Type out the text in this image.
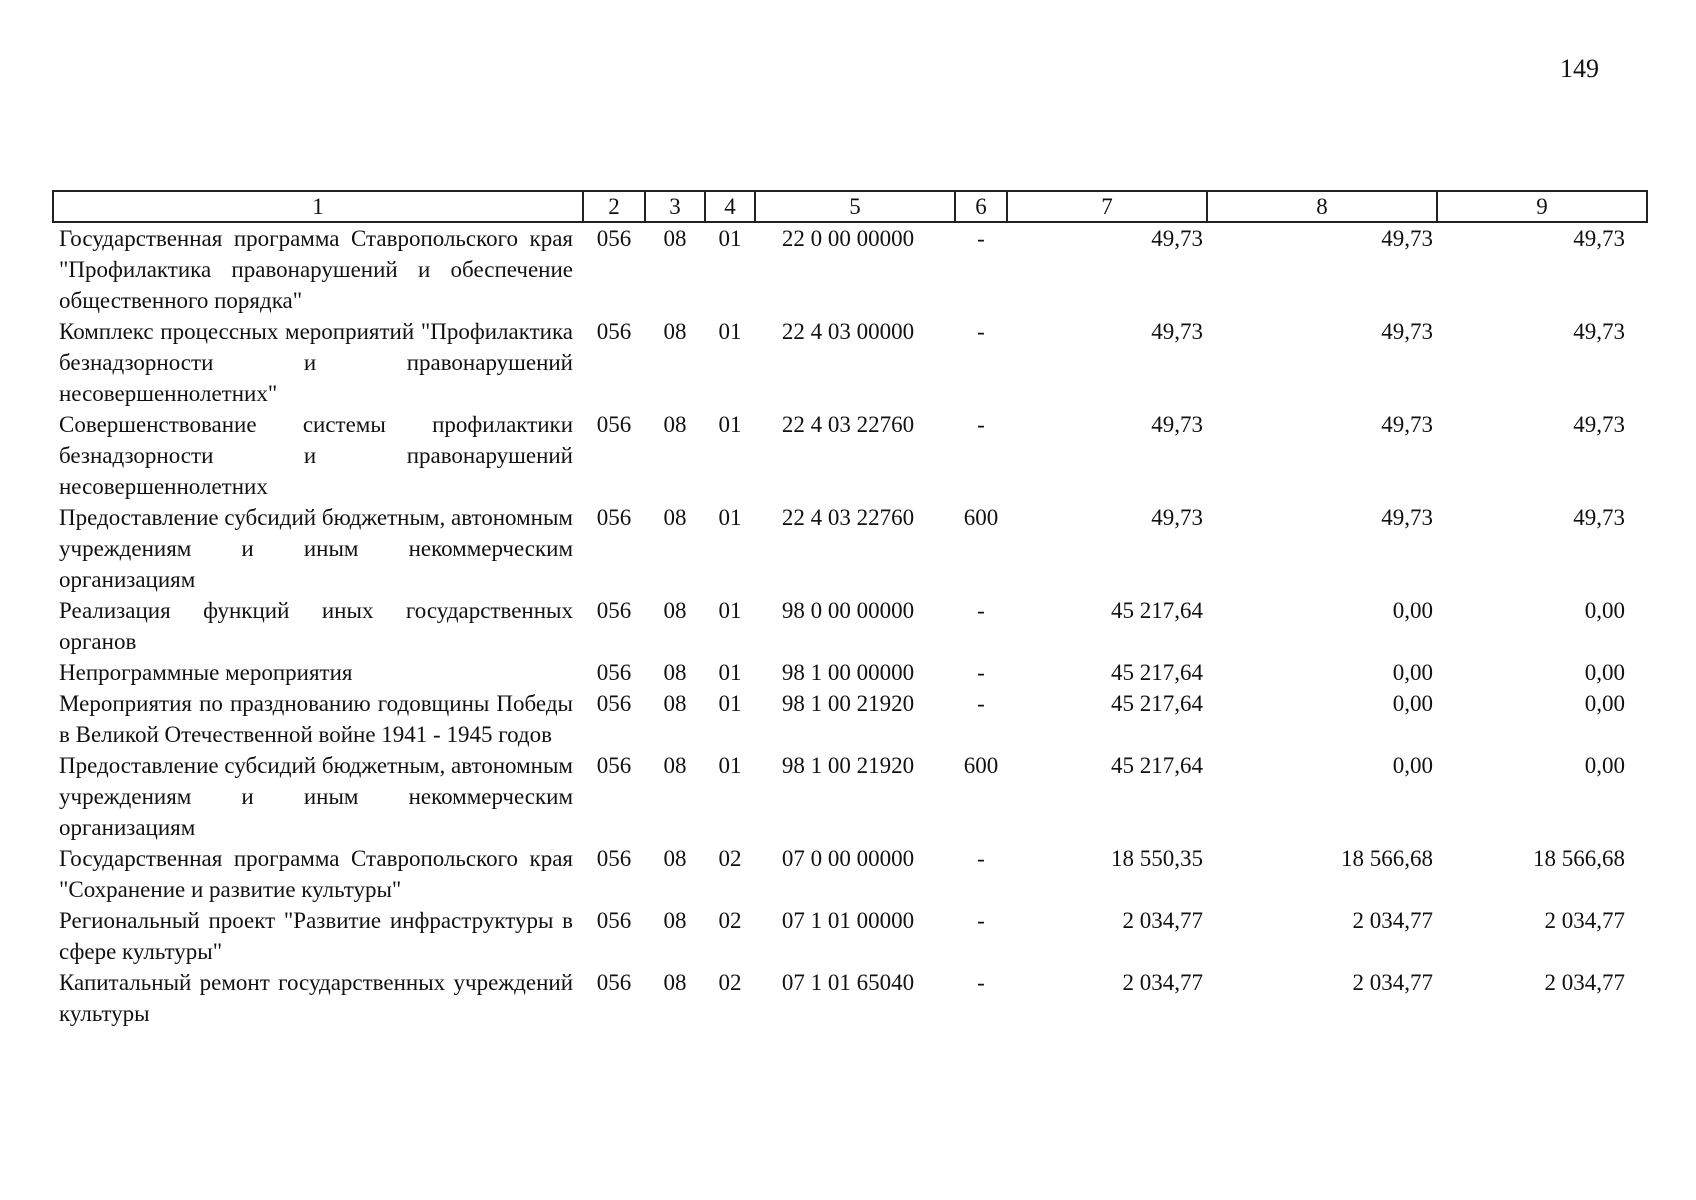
149
1	2	3	4	5	6	7	8	9
Государственная программа Ставропольского края "Профилактика правонарушений и обеспечение общественного порядка"	056	08	01	22 0 00 00000	-	49,73	49,73	49,73
Комплекс процессных мероприятий "Профилактика безнадзорности и правонарушений несовершеннолетних"	056	08	01	22 4 03 00000	-	49,73	49,73	49,73
Совершенствование системы профилактики безнадзорности и правонарушений несовершеннолетних	056	08	01	22 4 03 22760	-	49,73	49,73	49,73
Предоставление субсидий бюджетным, автономным учреждениям и иным некоммерческим организациям	056	08	01	22 4 03 22760	600	49,73	49,73	49,73
Реализация функций иных государственных органов	056	08	01	98 0 00 00000	-	45 217,64	0,00	0,00
Непрограммные мероприятия	056	08	01	98 1 00 00000	-	45 217,64	0,00	0,00
Мероприятия по празднованию годовщины Победы в Великой Отечественной войне 1941 - 1945 годов	056	08	01	98 1 00 21920	-	45 217,64	0,00	0,00
Предоставление субсидий бюджетным, автономным учреждениям и иным некоммерческим организациям	056	08	01	98 1 00 21920	600	45 217,64	0,00	0,00
Государственная программа Ставропольского края "Сохранение и развитие культуры"	056	08	02	07 0 00 00000	-	18 550,35	18 566,68	18 566,68
Региональный проект "Развитие инфраструктуры в сфере культуры"	056	08	02	07 1 01 00000	-	2 034,77	2 034,77	2 034,77
Капитальный ремонт государственных учреждений культуры	056	08	02	07 1 01 65040	-	2 034,77	2 034,77	2 034,77
